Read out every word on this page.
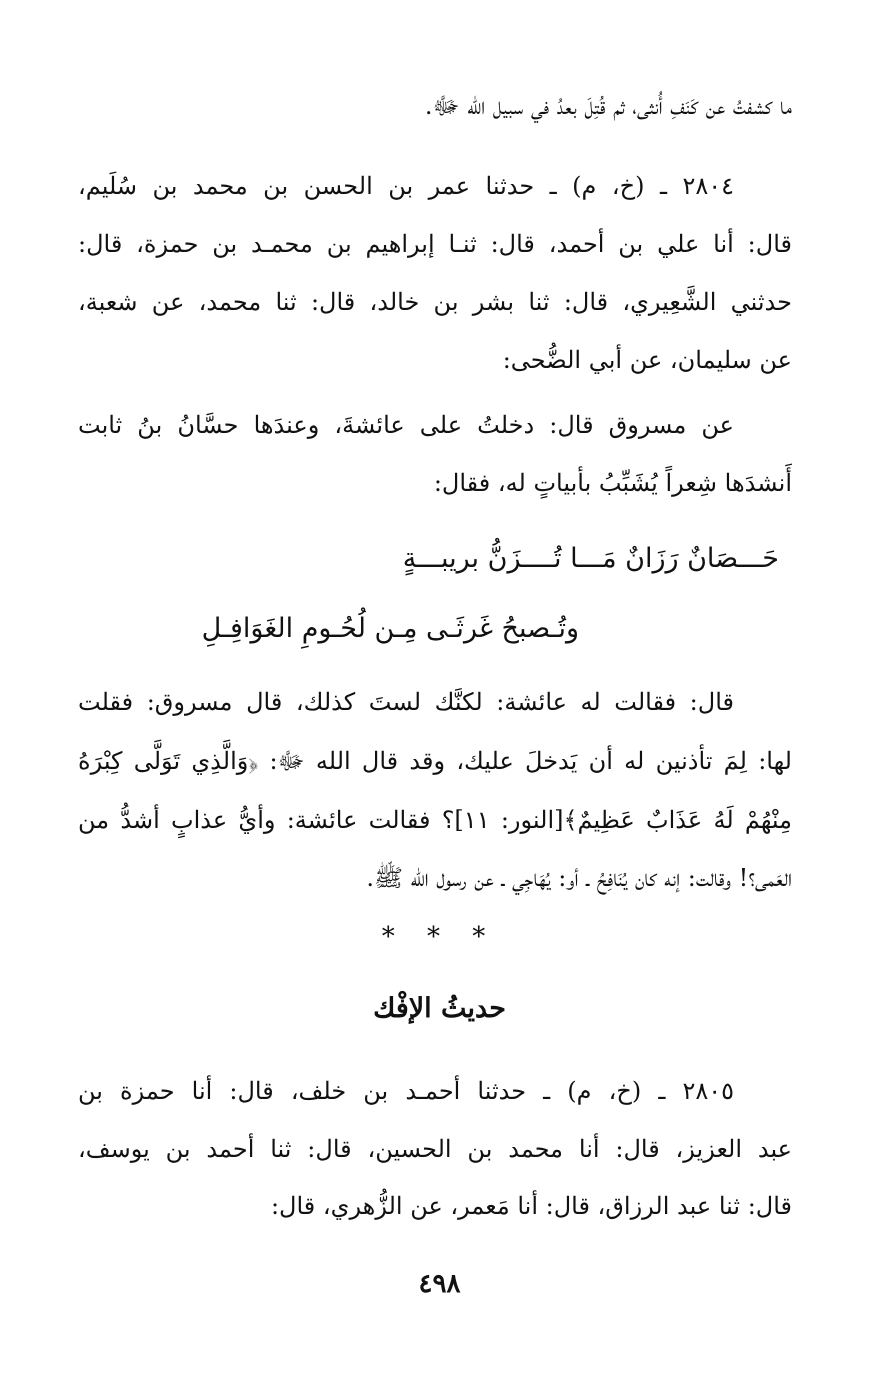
ما كشفتُ عن كَنَفِ أُنثى، ثم قُتِلَ بعدُ في سبيل الله ﷻ.
٢٨٠٤ ـ (خ، م) ـ حدثنا عمر بن الحسن بن محمد بن سُلَيم،
قال: أنا علي بن أحمد، قال: ثنـا إبراهيم بن محمـد بن حمزة، قال:
حدثني الشَّعِيري، قال: ثنا بشر بن خالد، قال: ثنا محمد، عن شعبة،
عن سليمان، عن أبي الضُّحى:
عن مسروق قال: دخلتُ على عائشةَ، وعندَها حسَّانُ بنُ ثابت
أَنشدَها شِعراً يُشَبِّبُ بأبياتٍ له، فقال:
حَـــصَانٌ رَزَانٌ مَـــا تُــــزَنُّ بريبـــةٍ
وتُـصبحُ غَرثَـى مِـن لُحُـومِ الغَوَافِـلِ
قال: فقالت له عائشة: لكنَّك لستَ كذلك، قال مسروق: فقلت
لها: لِمَ تأذنين له أن يَدخلَ عليك، وقد قال الله ﷻ: ﴿وَالَّذِي تَوَلَّى كِبْرَهُ
مِنْهُمْ لَهُ عَذَابٌ عَظِيمٌ﴾[النور: ١١]؟ فقالت عائشة: وأيُّ عذابٍ أشدُّ من
العَمى؟! وقالت: إنه كان يُنَافِحُ ـ أو: يُهَاجِي ـ عن رسول الله ﷺ.
* * *
حديثُ الإفْك
٢٨٠٥ ـ (خ، م) ـ حدثنا أحمـد بن خلف، قال: أنا حمزة بن
عبد العزيز، قال: أنا محمد بن الحسين، قال: ثنا أحمد بن يوسف،
قال: ثنا عبد الرزاق، قال: أنا مَعمر، عن الزُّهري، قال:
٤٩٨
